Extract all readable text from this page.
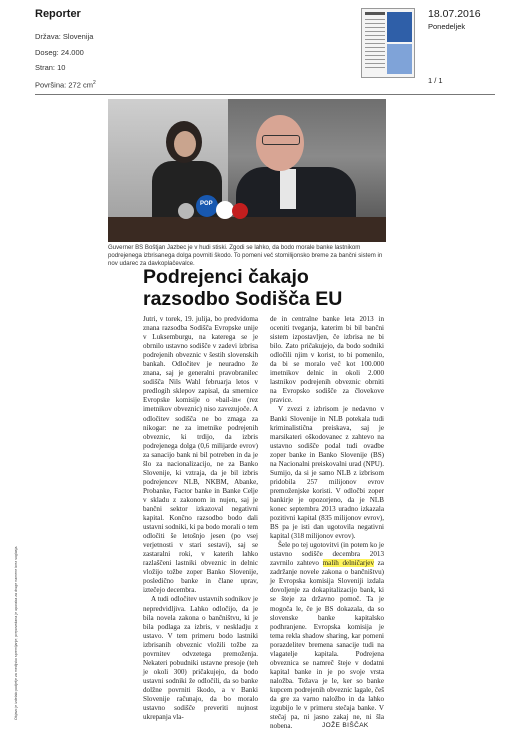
Reporter
Država: Slovenija
Doseg: 24.000
Stran: 10
Površina: 272 $cm^2$
18.07.2016
Ponedeljek
1 / 1
POP
Guverner BS Boštjan Jazbec je v hudi stiski. Zgodi se lahko, da bodo morale banke lastnikom podrejenega izbrisanega dolga povrniti škodo. To pomeni več stomilijonsko breme za bančni sistem in nov udarec za davkoplačevalce.
Podrejenci čakajo
razsodbo Sodišča EU

Jutri, v torek, 19. julija, bo predvidoma znana razsodba Sodišča Evropske unije v Luksemburgu, na katerega se je obrnilo ustavno sodišče v zadevi izbrisa podrejenih obveznic v šestih slovenskih bankah. Odločitev je neuradno že znana, saj je generalni pravobranilec sodišča Nils Wahl februarja letos v predlogih sklepov zapisal, da smernice Evropske komisije o »bail-in« (rez imetnikov obveznic) niso zavezujoče. A odločitev sodišča ne bo zmaga za nikogar: ne za imetnike podrejenih obveznic, ki trdijo, da izbris podrejenega dolga (0,6 milijarde evrov) za sanacijo bank ni bil potreben in da je šlo za nacionalizacijo, ne za Banko Slovenije, ki vztraja, da je bil izbris podrejencev NLB, NKBM, Abanke, Probanke, Factor banke in Banke Celje v skladu z zakonom in nujen, saj je bančni sektor izkazoval negativni kapital. Končno razsodbo bodo dali ustavni sodniki, ki pa bodo morali o tem odločiti še letošnjo jesen (po vsej verjetnosti v stari sestavi), saj se zastaralni roki, v katerih lahko razlaščeni lastniki obveznic in delnic vložijo tožbe zoper Banko Slovenije, posledično banke in člane uprav, iztečejo decembra.

A tudi odločitev ustavnih sodnikov je nepredvidljiva. Lahko odločijo, da je bila novela zakona o bančništvu, ki je bila podlaga za izbris, v neskladju z ustavo. V tem primeru bodo lastniki izbrisanih obveznic vložili tožbe za povrnitev odvzetega premoženja. Nekateri pobudniki ustavne presoje (teh je okoli 300) pričakujejo, da bodo ustavni sodniki že odločili, da so banke dolžne povrniti škodo, a v Banki Slovenije računajo, da bo moralo ustavno sodišče preveriti nujnost ukrepanja vla-

de in centralne banke leta 2013 in oceniti tveganja, katerim bi bil bančni sistem izpostavljen, če izbrisa ne bi bilo. Zato pričakujejo, da bodo sodniki odločili njim v korist, to bi pomenilo, da bi se moralo več kot 100.000 imetnikov delnic in okoli 2.000 lastnikov podrejenih obveznic obrniti na Evropsko sodišče za človekove pravice.

V zvezi z izbrisom je nedavno v Banki Slovenije in NLB potekala tudi kriminalistična preiskava, saj je marsikateri oškodovanec z zahtevo na ustavno sodišče podal tudi ovadbe zoper banke in Banko Slovenije (BS) na Nacionalni preiskovalni urad (NPU). Sumijo, da si je samo NLB z izbrisom pridobila 257 milijonov evrov premoženjske koristi. V odločbi zoper bankirje je opozorjeno, da je NLB konec septembra 2013 uradno izkazala pozitivni kapital (835 milijonov evrov), BS pa je isti dan ugotovila negativni kapital (318 milijonov evrov).

Šele po tej ugotovitvi (in potem ko je ustavno sodišče decembra 2013 zavrnilo zahtevo malih delničarjev za zadržanje novele zakona o bančništvu) je Evropska komisija Sloveniji izdala dovoljenje za dokapitalizacijo bank, ki se šteje za državno pomoč. Ta je mogoča le, če je BS dokazala, da so slovenske banke kapitalsko podhranjene. Evropska komisija je tema rekla shadow sharing, kar pomeni porazdelitev bremena sanacije tudi na vlagatelje kapitala. Podrejena obveznica se namreč šteje v dodatni kapital banke in je po svoje vrsta naložba. Težava je le, ker so banke kupcem podrejenih obveznic lagale, češ da gre za varno naložbo in da lahko izgubijo le v primeru stečaja banke. V stečaj pa, ni jasno zakaj ne, ni šla nobena.	JOŽE BIŠČAK
Objavo je izdelalo podjetje za medijsko spremljanje; prepovedana je uporaba za druge namene brez soglasja.
